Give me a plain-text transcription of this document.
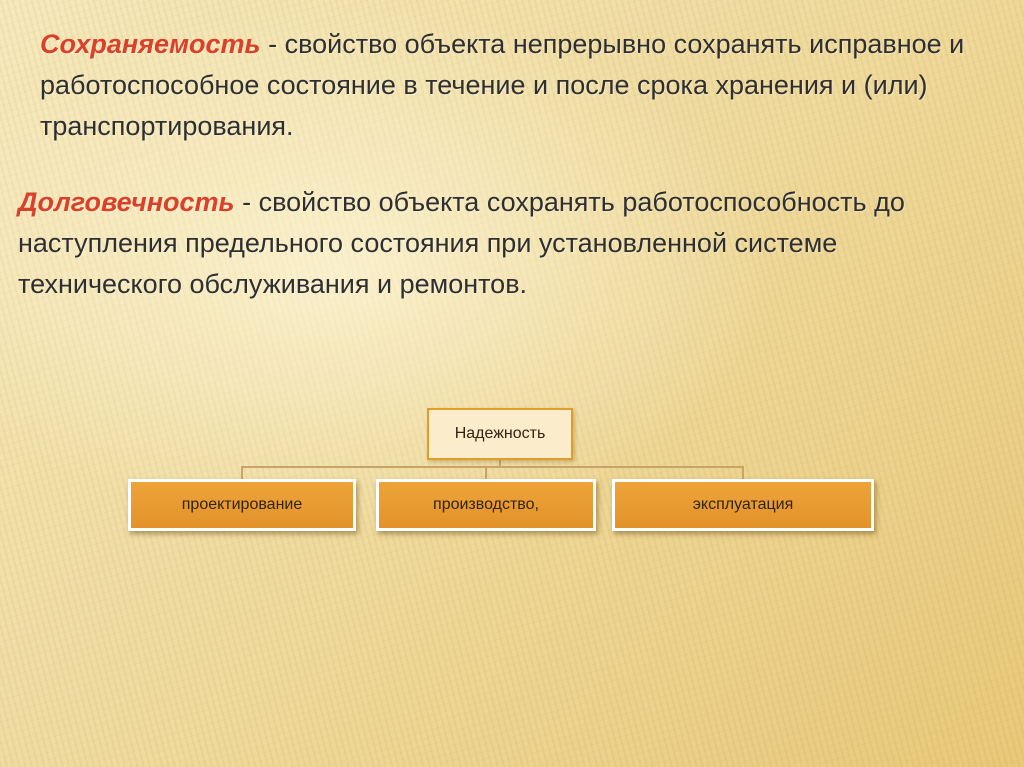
Сохраняемость - свойство объекта непрерывно сохранять исправное и работоспособное состояние в течение и после срока хранения и (или) транспортирования.

Долговечность - свойство объекта сохранять работоспособность до наступления предельного состояния при установленной системе технического обслуживания и ремонтов.

Надежность
проектирование	производство,	эксплуатация
